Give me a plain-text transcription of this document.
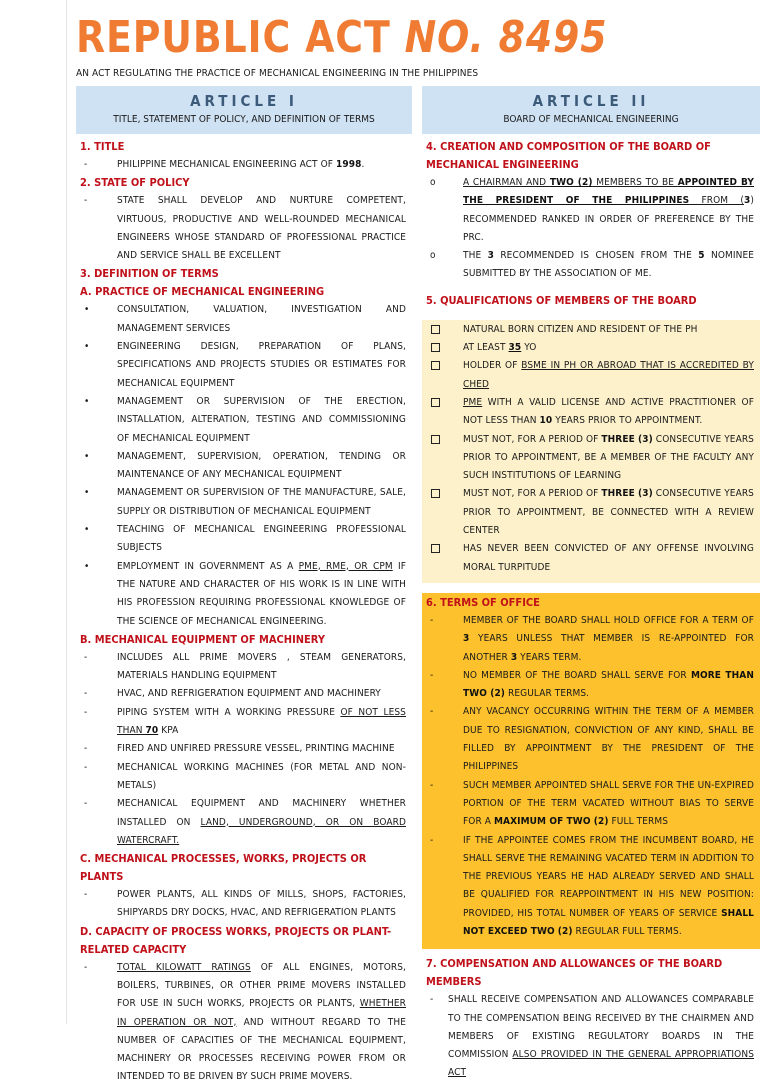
REPUBLIC ACT NO. 8495
AN ACT REGULATING THE PRACTICE OF MECHANICAL ENGINEERING IN THE PHILIPPINES
ARTICLE I
TITLE, STATEMENT OF POLICY, AND DEFINITION OF TERMS
1. TITLE
-	PHILIPPINE MECHANICAL ENGINEERING ACT OF 1998.
2. STATE OF POLICY
-	STATE SHALL DEVELOP AND NURTURE COMPETENT, VIRTUOUS, PRODUCTIVE AND WELL-ROUNDED MECHANICAL ENGINEERS WHOSE STANDARD OF PROFESSIONAL PRACTICE AND SERVICE SHALL BE EXCELLENT
3. DEFINITION OF TERMS
A. PRACTICE OF MECHANICAL ENGINEERING
•	CONSULTATION, VALUATION, INVESTIGATION AND MANAGEMENT SERVICES
•	ENGINEERING DESIGN, PREPARATION OF PLANS, SPECIFICATIONS AND PROJECTS STUDIES OR ESTIMATES FOR MECHANICAL EQUIPMENT
•	MANAGEMENT OR SUPERVISION OF THE ERECTION, INSTALLATION, ALTERATION, TESTING AND COMMISSIONING OF MECHANICAL EQUIPMENT
•	MANAGEMENT, SUPERVISION, OPERATION, TENDING OR MAINTENANCE OF ANY MECHANICAL EQUIPMENT
•	MANAGEMENT OR SUPERVISION OF THE MANUFACTURE, SALE, SUPPLY OR DISTRIBUTION OF MECHANICAL EQUIPMENT
•	TEACHING OF MECHANICAL ENGINEERING PROFESSIONAL SUBJECTS
•	EMPLOYMENT IN GOVERNMENT AS A PME, RME, OR CPM IF THE NATURE AND CHARACTER OF HIS WORK IS IN LINE WITH HIS PROFESSION REQUIRING PROFESSIONAL KNOWLEDGE OF THE SCIENCE OF MECHANICAL ENGINEERING.
B. MECHANICAL EQUIPMENT OF MACHINERY
-	INCLUDES ALL PRIME MOVERS , STEAM GENERATORS, MATERIALS HANDLING EQUIPMENT
-	HVAC, AND REFRIGERATION EQUIPMENT AND MACHINERY
-	PIPING SYSTEM WITH A WORKING PRESSURE OF NOT LESS THAN 70 KPA
-	FIRED AND UNFIRED PRESSURE VESSEL, PRINTING MACHINE
-	MECHANICAL WORKING MACHINES (FOR METAL AND NON-METALS)
-	MECHANICAL EQUIPMENT AND MACHINERY WHETHER INSTALLED ON LAND, UNDERGROUND, OR ON BOARD WATERCRAFT.
C. MECHANICAL PROCESSES, WORKS, PROJECTS OR PLANTS
-	POWER PLANTS, ALL KINDS OF MILLS, SHOPS, FACTORIES, SHIPYARDS DRY DOCKS, HVAC, AND REFRIGERATION PLANTS
D. CAPACITY OF PROCESS WORKS, PROJECTS OR PLANT-RELATED CAPACITY
-	TOTAL KILOWATT RATINGS OF ALL ENGINES, MOTORS, BOILERS, TURBINES, OR OTHER PRIME MOVERS INSTALLED FOR USE IN SUCH WORKS, PROJECTS OR PLANTS, WHETHER IN OPERATION OR NOT, AND WITHOUT REGARD TO THE NUMBER OF CAPACITIES OF THE MECHANICAL EQUIPMENT, MACHINERY OR PROCESSES RECEIVING POWER FROM OR INTENDED TO BE DRIVEN BY SUCH PRIME MOVERS.
ARTICLE II
BOARD OF MECHANICAL ENGINEERING
4. CREATION AND COMPOSITION OF THE BOARD OF MECHANICAL ENGINEERING
o	A CHAIRMAN AND TWO (2) MEMBERS TO BE APPOINTED BY THE PRESIDENT OF THE PHILIPPINES FROM (3) RECOMMENDED RANKED IN ORDER OF PREFERENCE BY THE PRC.
o	THE 3 RECOMMENDED IS CHOSEN FROM THE 5 NOMINEE SUBMITTED BY THE ASSOCIATION OF ME.
5. QUALIFICATIONS OF MEMBERS OF THE BOARD
NATURAL BORN CITIZEN AND RESIDENT OF THE PH
AT LEAST 35 YO
HOLDER OF BSME IN PH OR ABROAD THAT IS ACCREDITED BY CHED
PME WITH A VALID LICENSE AND ACTIVE PRACTITIONER OF NOT LESS THAN 10 YEARS PRIOR TO APPOINTMENT.
MUST NOT, FOR A PERIOD OF THREE (3) CONSECUTIVE YEARS PRIOR TO APPOINTMENT, BE A MEMBER OF THE FACULTY ANY SUCH INSTITUTIONS OF LEARNING
MUST NOT, FOR A PERIOD OF THREE (3) CONSECUTIVE YEARS PRIOR TO APPOINTMENT, BE CONNECTED WITH A REVIEW CENTER
HAS NEVER BEEN CONVICTED OF ANY OFFENSE INVOLVING MORAL TURPITUDE
6. TERMS OF OFFICE
-	MEMBER OF THE BOARD SHALL HOLD OFFICE FOR A TERM OF 3 YEARS UNLESS THAT MEMBER IS RE-APPOINTED FOR ANOTHER 3 YEARS TERM.
-	NO MEMBER OF THE BOARD SHALL SERVE FOR MORE THAN TWO (2) REGULAR TERMS.
-	ANY VACANCY OCCURRING WITHIN THE TERM OF A MEMBER DUE TO RESIGNATION, CONVICTION OF ANY KIND, SHALL BE FILLED BY APPOINTMENT BY THE PRESIDENT OF THE PHILIPPINES
-	SUCH MEMBER APPOINTED SHALL SERVE FOR THE UN-EXPIRED PORTION OF THE TERM VACATED WITHOUT BIAS TO SERVE FOR A MAXIMUM OF TWO (2) FULL TERMS
-	IF THE APPOINTEE COMES FROM THE INCUMBENT BOARD, HE SHALL SERVE THE REMAINING VACATED TERM IN ADDITION TO THE PREVIOUS YEARS HE HAD ALREADY SERVED AND SHALL BE QUALIFIED FOR REAPPOINTMENT IN HIS NEW POSITION: PROVIDED, HIS TOTAL NUMBER OF YEARS OF SERVICE SHALL NOT EXCEED TWO (2) REGULAR FULL TERMS.
7. COMPENSATION AND ALLOWANCES OF THE BOARD MEMBERS
- SHALL RECEIVE COMPENSATION AND ALLOWANCES COMPARABLE TO THE COMPENSATION BEING RECEIVED BY THE CHAIRMEN AND MEMBERS OF EXISTING REGULATORY BOARDS IN THE COMMISSION ALSO PROVIDED IN THE GENERAL APPROPRIATIONS ACT
